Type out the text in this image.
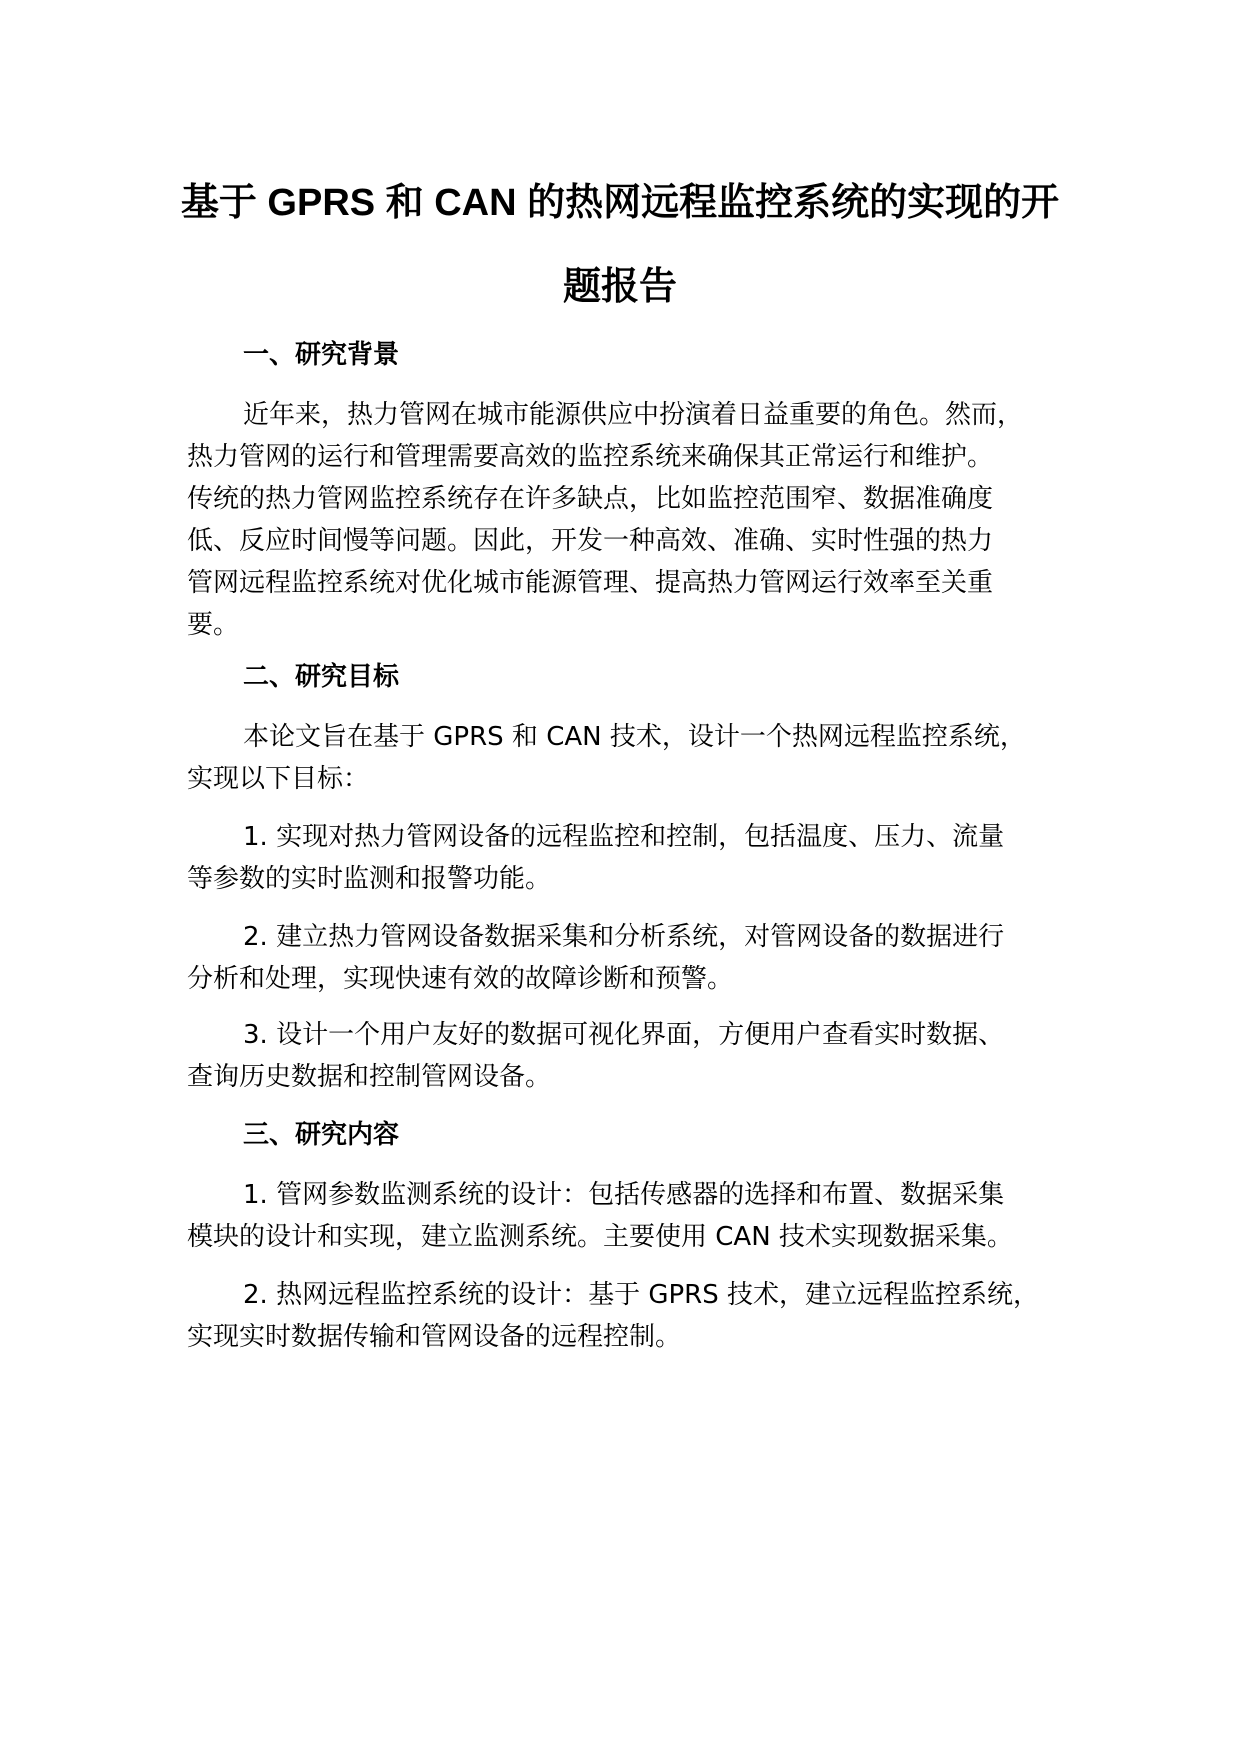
基于 GPRS 和 CAN 的热网远程监控系统的实现的开
题报告
一、研究背景
近年来，热力管网在城市能源供应中扮演着日益重要的角色。然而，
热力管网的运行和管理需要高效的监控系统来确保其正常运行和维护。
传统的热力管网监控系统存在许多缺点，比如监控范围窄、数据准确度
低、反应时间慢等问题。因此，开发一种高效、准确、实时性强的热力
管网远程监控系统对优化城市能源管理、提高热力管网运行效率至关重
要。
二、研究目标
本论文旨在基于 GPRS 和 CAN 技术，设计一个热网远程监控系统，
实现以下目标：
1. 实现对热力管网设备的远程监控和控制，包括温度、压力、流量
等参数的实时监测和报警功能。
2. 建立热力管网设备数据采集和分析系统，对管网设备的数据进行
分析和处理，实现快速有效的故障诊断和预警。
3. 设计一个用户友好的数据可视化界面，方便用户查看实时数据、
查询历史数据和控制管网设备。
三、研究内容
1. 管网参数监测系统的设计：包括传感器的选择和布置、数据采集
模块的设计和实现，建立监测系统。主要使用 CAN 技术实现数据采集。
2. 热网远程监控系统的设计：基于 GPRS 技术，建立远程监控系统，
实现实时数据传输和管网设备的远程控制。
